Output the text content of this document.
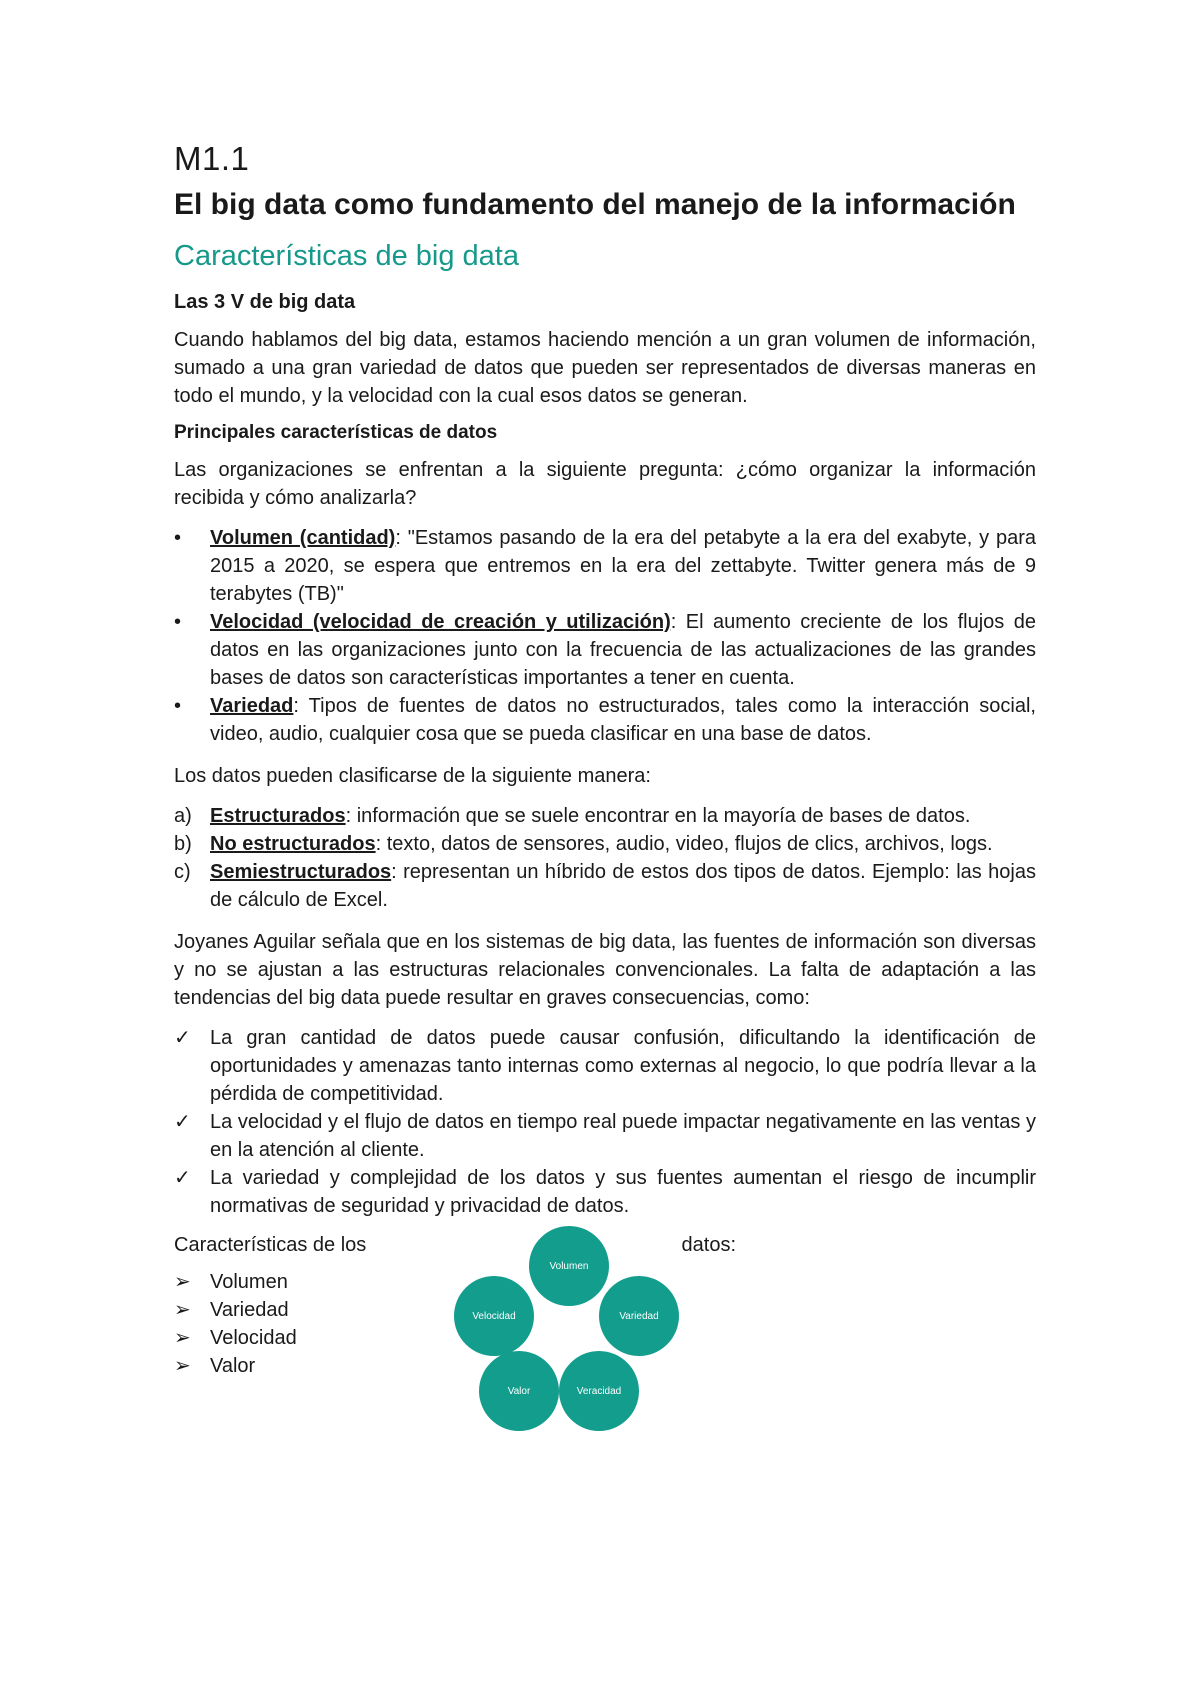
M1.1
El big data como fundamento del manejo de la información
Características de big data
Las 3 V de big data

Cuando hablamos del big data, estamos haciendo mención a un gran volumen de información, sumado a una gran variedad de datos que pueden ser representados de diversas maneras en todo el mundo, y la velocidad con la cual esos datos se generan.

Principales características de datos

Las organizaciones se enfrentan a la siguiente pregunta: ¿cómo organizar la información recibida y cómo analizarla?

• Volumen (cantidad): "Estamos pasando de la era del petabyte a la era del exabyte, y para 2015 a 2020, se espera que entremos en la era del zettabyte. Twitter genera más de 9 terabytes (TB)"
• Velocidad (velocidad de creación y utilización): El aumento creciente de los flujos de datos en las organizaciones junto con la frecuencia de las actualizaciones de las grandes bases de datos son características importantes a tener en cuenta.
• Variedad: Tipos de fuentes de datos no estructurados, tales como la interacción social, video, audio, cualquier cosa que se pueda clasificar en una base de datos.

Los datos pueden clasificarse de la siguiente manera:

a) Estructurados: información que se suele encontrar en la mayoría de bases de datos.
b) No estructurados: texto, datos de sensores, audio, video, flujos de clics, archivos, logs.
c) Semiestructurados: representan un híbrido de estos dos tipos de datos. Ejemplo: las hojas de cálculo de Excel.

Joyanes Aguilar señala que en los sistemas de big data, las fuentes de información son diversas y no se ajustan a las estructuras relacionales convencionales. La falta de adaptación a las tendencias del big data puede resultar en graves consecuencias, como:

✓ La gran cantidad de datos puede causar confusión, dificultando la identificación de oportunidades y amenazas tanto internas como externas al negocio, lo que podría llevar a la pérdida de competitividad.
✓ La velocidad y el flujo de datos en tiempo real puede impactar negativamente en las ventas y en la atención al cliente.
✓ La variedad y complejidad de los datos y sus fuentes aumentan el riesgo de incumplir normativas de seguridad y privacidad de datos.
Características de los	datos:
➢ Volumen
➢ Variedad
➢ Velocidad
➢ Valor
Volumen
Velocidad	Variedad
Valor	Veracidad
